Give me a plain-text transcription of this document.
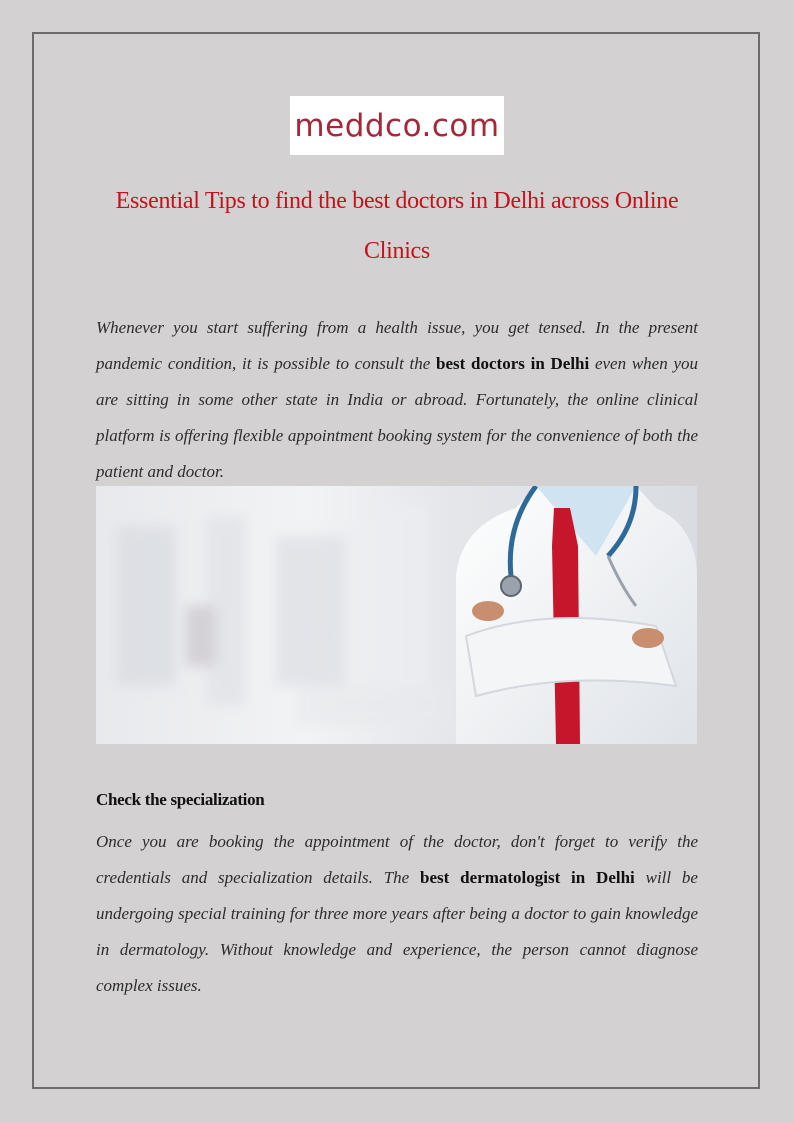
meddco.com
Essential Tips to find the best doctors in Delhi across Online Clinics

Whenever you start suffering from a health issue, you get tensed. In the present pandemic condition, it is possible to consult the best doctors in Delhi even when you are sitting in some other state in India or abroad. Fortunately, the online clinical platform is offering flexible appointment booking system for the convenience of both the patient and doctor.

Check the specialization

Once you are booking the appointment of the doctor, don't forget to verify the credentials and specialization details. The best dermatologist in Delhi will be undergoing special training for three more years after being a doctor to gain knowledge in dermatology. Without knowledge and experience, the person cannot diagnose complex issues.
